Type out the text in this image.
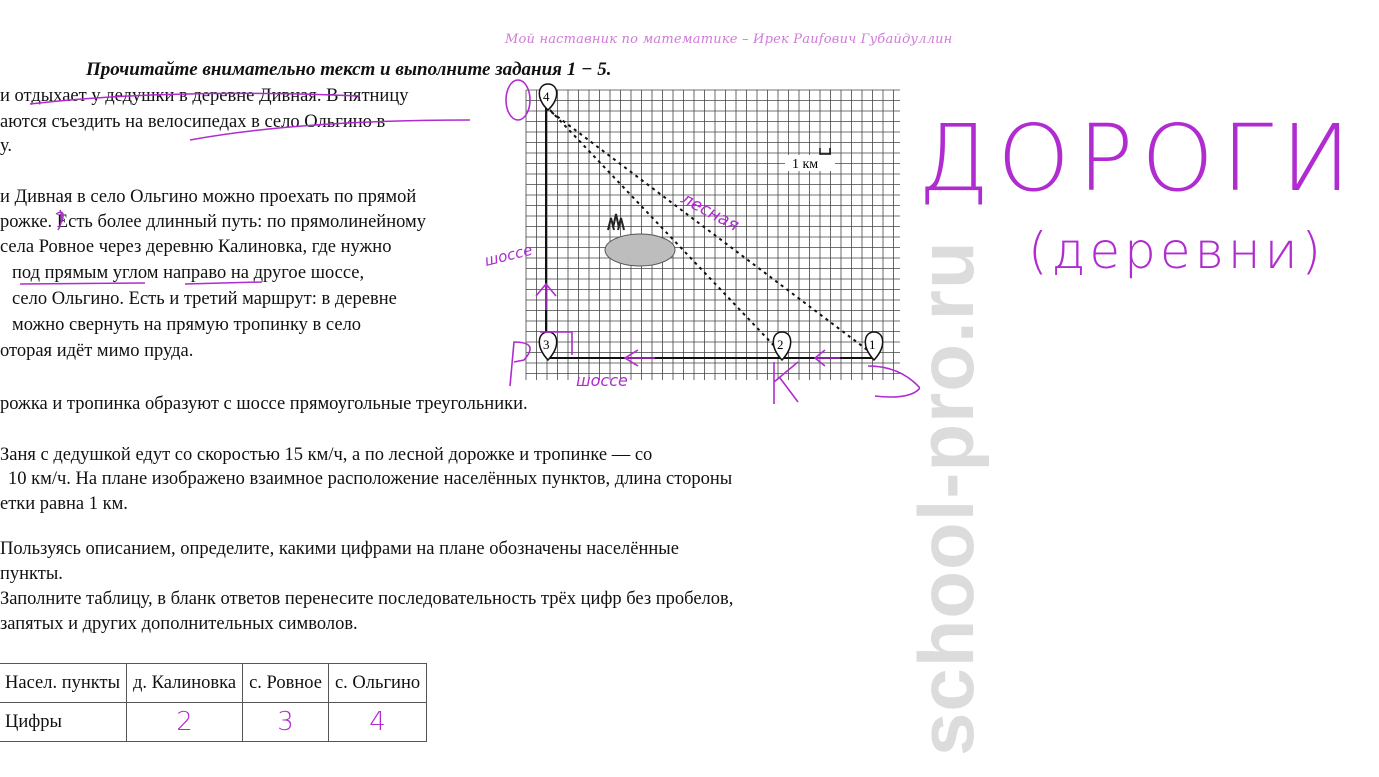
Мой наставник по математике – Ирек Раufович Губайдуллин
Прочитайте внимательно текст и выполните задания 1 − 5.
school-pro.ru
и отдыхает у дедушки в деревне Дивная. В пятницу
аются съездить на велосипедах в село Ольгино в
у.
и Дивная в село Ольгино можно проехать по прямой
рожке. Есть более длинный путь: по прямолинейному
села Ровное через деревню Калиновка, где нужно
под прямым углом направо на другое шоссе,
село Ольгино. Есть и третий маршрут: в деревне
можно свернуть на прямую тропинку в село
оторая идёт мимо пруда.
рожка и тропинка образуют с шоссе прямоугольные треугольники.
Заня с дедушкой едут со скоростью 15 км/ч, а по лесной дорожке и тропинке — со
10 км/ч. На плане изображено взаимное расположение населённых пунктов, длина стороны
етки равна 1 км.
Пользуясь описанием, определите, какими цифрами на плане обозначены населённые
пункты.
Заполните таблицу, в бланк ответов перенесите последовательность трёх цифр без пробелов,
запятых и других дополнительных символов.
1 км
4
3	2	1
лесная
шоссе
шоссе
ДОРОГИ
(деревни)
Насел. пункты	д. Калиновка	с. Ровное	с. Ольгино
Цифры	2	3	4
